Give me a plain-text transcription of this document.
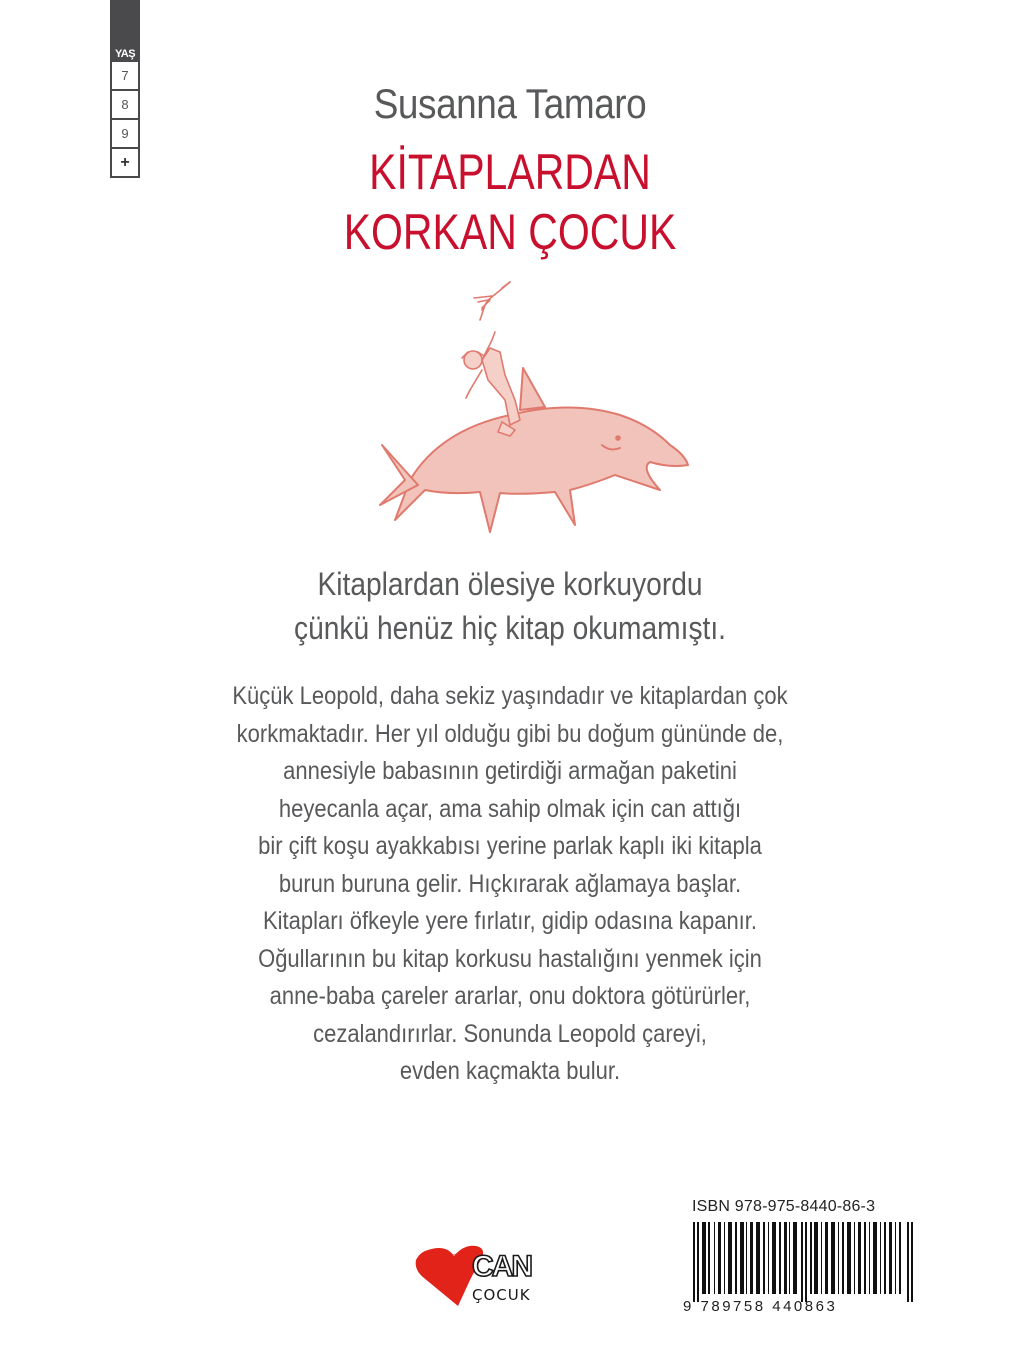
YAŞ
7
8
9
+
Susanna Tamaro
KİTAPLARDAN
KORKAN ÇOCUK
Kitaplardan ölesiye korkuyordu
çünkü henüz hiç kitap okumamıştı.
Küçük Leopold, daha sekiz yaşındadır ve kitaplardan çok
korkmaktadır. Her yıl olduğu gibi bu doğum gününde de,
annesiyle babasının getirdiği armağan paketini
heyecanla açar, ama sahip olmak için can attığı
bir çift koşu ayakkabısı yerine parlak kaplı iki kitapla
burun buruna gelir. Hıçkırarak ağlamaya başlar.
Kitapları öfkeyle yere fırlatır, gidip odasına kapanır.
Oğullarının bu kitap korkusu hastalığını yenmek için
anne-baba çareler ararlar, onu doktora götürürler,
cezalandırırlar. Sonunda Leopold çareyi,
evden kaçmakta bulur.
CAN
ÇOCUK
ISBN 978-975-8440-86-3
9 789758 440863
